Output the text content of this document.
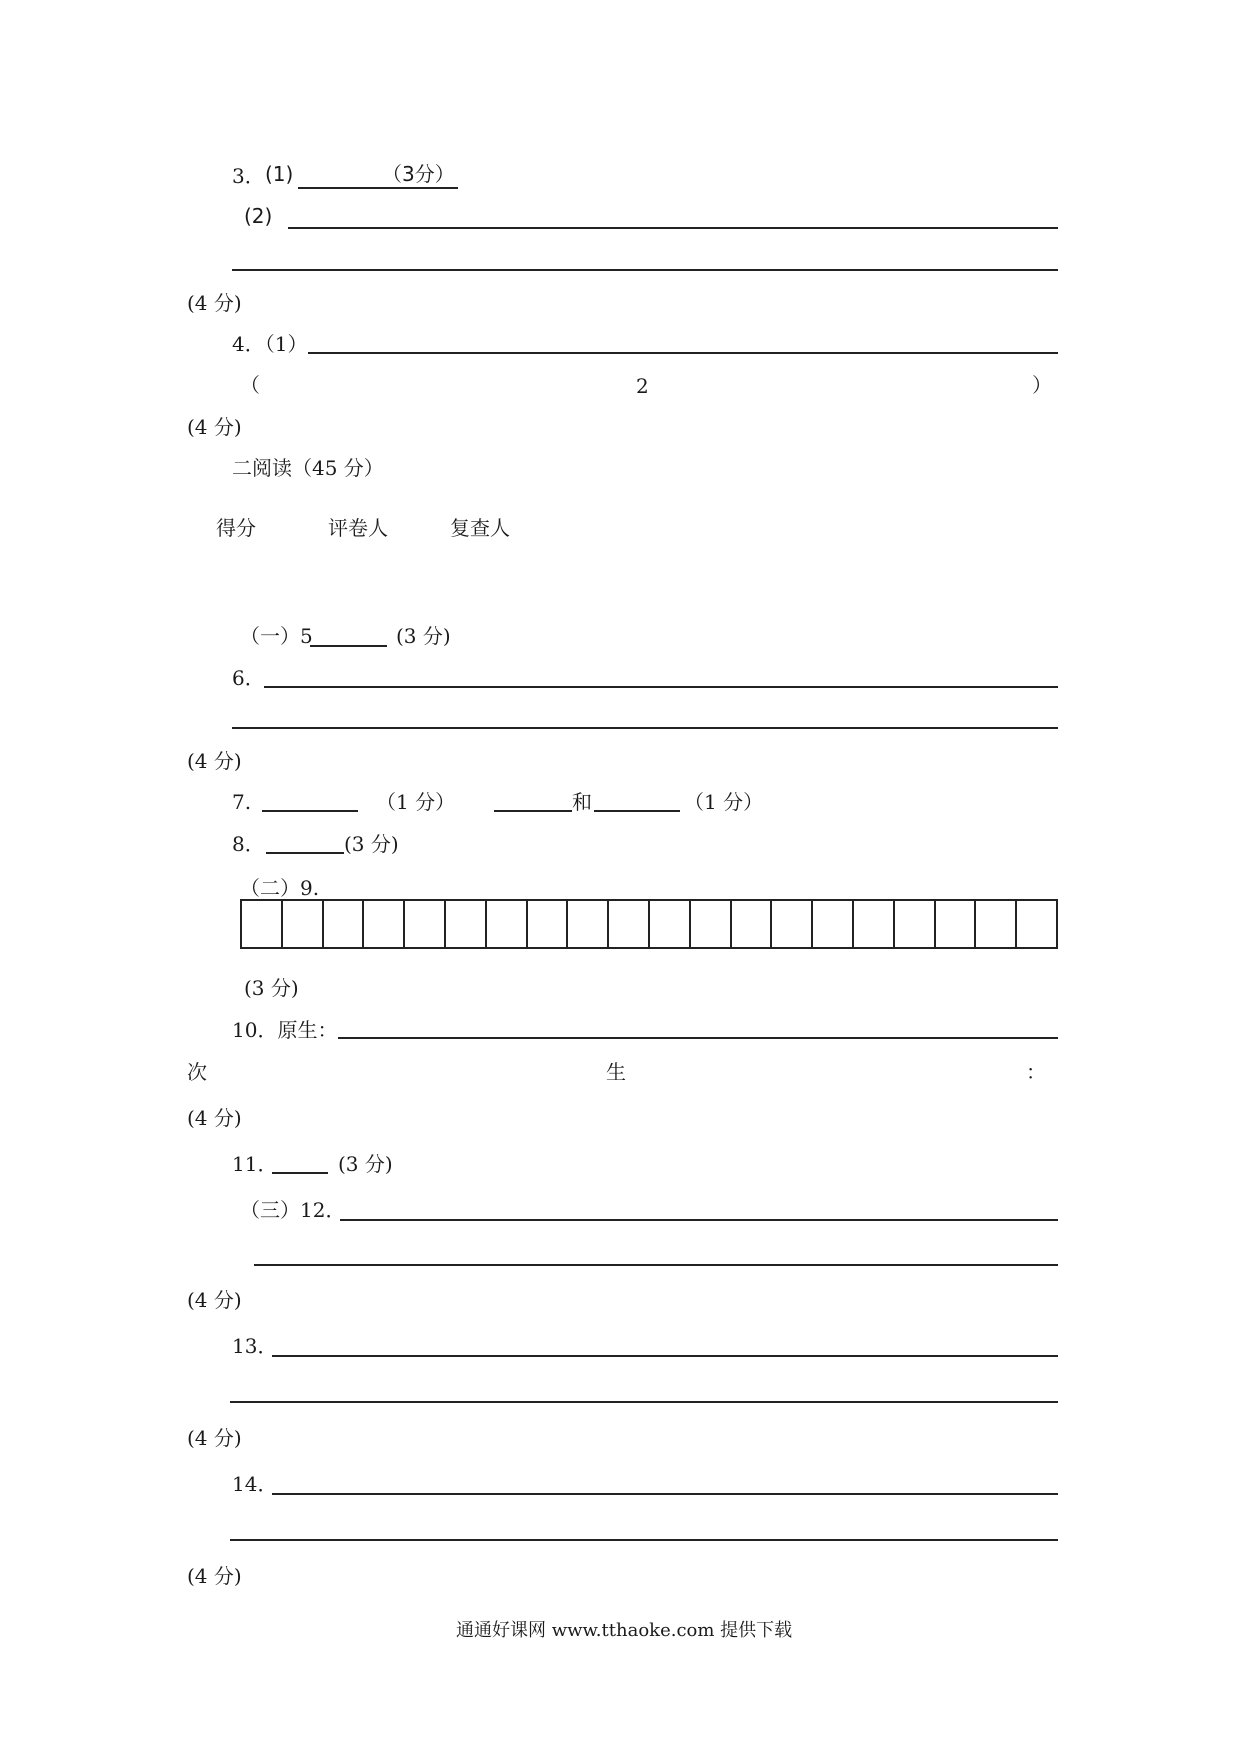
3． (1)	（3分）
(2)
(4 分)
4．（1）
（	2	）
(4 分)
二阅读（45 分）
得分	评卷人	复查人
（一）5	(3 分)
6．
(4 分)
7.	（1 分）	和	（1 分）
8．	(3 分)
（二）9.
(3 分)
10．原生：
次	生	：
(4 分)
11．	(3 分)
（三）12．
(4 分)
13．
(4 分)
14．
(4 分)
通通好课网 www.tthaoke.com 提供下载
